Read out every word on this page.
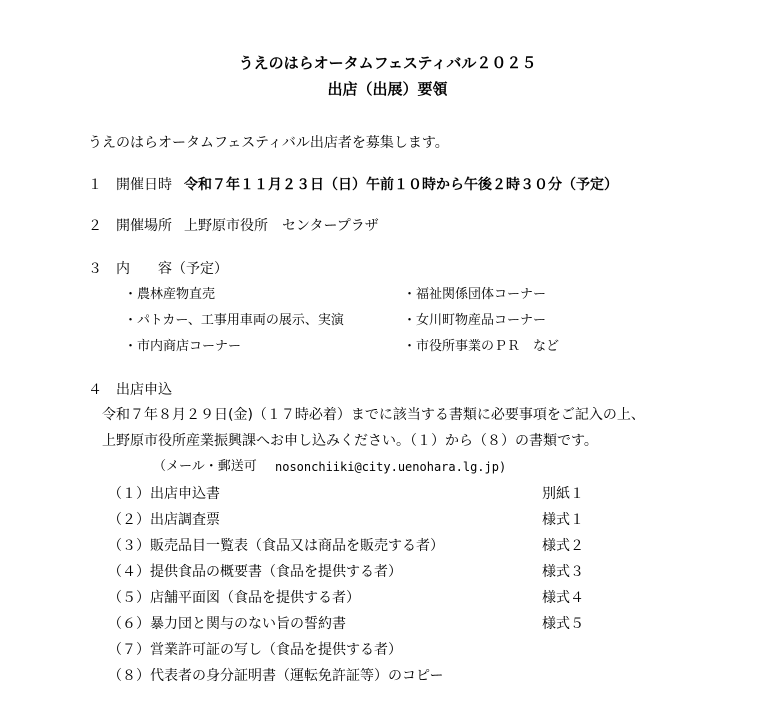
うえのはらオータムフェスティバル２０２５
出店（出展）要領
うえのはらオータムフェスティバル出店者を募集します。
１　開催日時 令和７年１１月２３日（日）午前１０時から午後２時３０分（予定）
２　開催場所 上野原市役所　センタープラザ
３　内　　容（予定）
・農林産物直売
・パトカー、工事用車両の展示、実演
・市内商店コーナー
・福祉関係団体コーナー
・女川町物産品コーナー
・市役所事業のＰＲ　など
４　出店申込
令和７年８月２９日(金)（１７時必着）までに該当する書類に必要事項をご記入の上、
上野原市役所産業振興課へお申し込みください。（１）から（８）の書類です。
（メール・郵送可 nosonchiiki@city.uenohara.lg.jp)
（１）出店申込書	別紙１
（２）出店調査票	様式１
（３）販売品目一覧表（食品又は商品を販売する者）	様式２
（４）提供食品の概要書（食品を提供する者）	様式３
（５）店舗平面図（食品を提供する者）	様式４
（６）暴力団と関与のない旨の誓約書	様式５
（７）営業許可証の写し（食品を提供する者）
（８）代表者の身分証明書（運転免許証等）のコピー
